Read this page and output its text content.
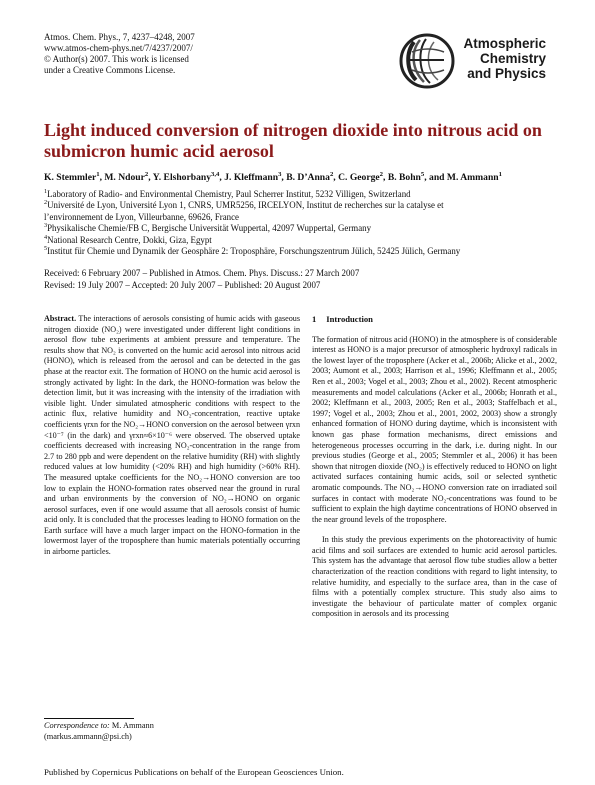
Atmos. Chem. Phys., 7, 4237–4248, 2007
www.atmos-chem-phys.net/7/4237/2007/
© Author(s) 2007. This work is licensed
under a Creative Commons License.
Atmospheric
Chemistry
and Physics
Light induced conversion of nitrogen dioxide into nitrous acid on submicron humic acid aerosol
K. Stemmler$^1$, M. Ndour$^2$, Y. Elshorbany$^{3,4}$, J. Kleffmann$^3$, B. D’Anna$^2$, C. George$^2$, B. Bohn$^5$, and M. Ammann$^1$
$^1$Laboratory of Radio- and Environmental Chemistry, Paul Scherrer Institut, 5232 Villigen, Switzerland
$^2$Université de Lyon, Université Lyon 1, CNRS, UMR5256, IRCELYON, Institut de recherches sur la catalyse et
l’environnement de Lyon, Villeurbanne, 69626, France
$^3$Physikalische Chemie/FB C, Bergische Universität Wuppertal, 42097 Wuppertal, Germany
$^4$National Research Centre, Dokki, Giza, Egypt
$^5$Institut für Chemie und Dynamik der Geosphäre 2: Troposphäre, Forschungszentrum Jülich, 52425 Jülich, Germany
Received: 6 February 2007 – Published in Atmos. Chem. Phys. Discuss.: 27 March 2007
Revised: 19 July 2007 – Accepted: 20 July 2007 – Published: 20 August 2007
Abstract. The interactions of aerosols consisting of humic acids with gaseous nitrogen dioxide (NO₂) were investigated under different light conditions in aerosol flow tube experiments at ambient pressure and temperature. The results show that NO₂ is converted on the humic acid aerosol into nitrous acid (HONO), which is released from the aerosol and can be detected in the gas phase at the reactor exit. The formation of HONO on the humic acid aerosol is strongly activated by light: In the dark, the HONO-formation was below the detection limit, but it was increasing with the intensity of the irradiation with visible light. Under simulated atmospheric conditions with respect to the actinic flux, relative humidity and NO₂-concentration, reactive uptake coefficients γrxn for the NO₂→HONO conversion on the aerosol between γrxn <10⁻⁷ (in the dark) and γrxn≈6×10⁻⁶ were observed. The observed uptake coefficients decreased with increasing NO₂-concentration in the range from 2.7 to 280 ppb and were dependent on the relative humidity (RH) with slightly reduced values at low humidity (<20% RH) and high humidity (>60% RH). The measured uptake coefficients for the NO₂→HONO conversion are too low to explain the HONO-formation rates observed near the ground in rural and urban environments by the conversion of NO₂→HONO on organic aerosol surfaces, even if one would assume that all aerosols consist of humic acid only. It is concluded that the processes leading to HONO formation on the Earth surface will have a much larger impact on the HONO-formation in the lowermost layer of the troposphere than humic materials potentially occurring in airborne particles.
Correspondence to: M. Ammann
(markus.ammann@psi.ch)
1 Introduction
The formation of nitrous acid (HONO) in the atmosphere is of considerable interest as HONO is a major precursor of atmospheric hydroxyl radicals in the lowest layer of the troposphere (Acker et al., 2006b; Alicke et al., 2002, 2003; Aumont et al., 2003; Harrison et al., 1996; Kleffmann et al., 2005; Ren et al., 2003; Vogel et al., 2003; Zhou et al., 2002). Recent atmospheric measurements and model calculations (Acker et al., 2006b; Honrath et al., 2002; Kleffmann et al., 2003, 2005; Ren et al., 2003; Staffelbach et al., 1997; Vogel et al., 2003; Zhou et al., 2001, 2002, 2003) show a strongly enhanced formation of HONO during daytime, which is inconsistent with known gas phase formation mechanisms, direct emissions and heterogeneous processes occurring in the dark, i.e. during night. In our previous studies (George et al., 2005; Stemmler et al., 2006) it has been shown that nitrogen dioxide (NO₂) is effectively reduced to HONO on light activated surfaces containing humic acids, soil or selected synthetic aromatic compounds. The NO₂→HONO conversion rate on irradiated soil surfaces in contact with moderate NO₂-concentrations was found to be sufficient to explain the high daytime concentrations of HONO observed in the near ground levels of the troposphere.
In this study the previous experiments on the photoreactivity of humic acid films and soil surfaces are extended to humic acid aerosol particles. This system has the advantage that aerosol flow tube studies allow a better characterization of the reaction conditions with regard to light intensity, to relative humidity, and especially to the surface area, than in the case of films with a potentially complex structure. This study also aims to investigate the behaviour of particulate matter of complex organic composition in aerosols and its processing
Published by Copernicus Publications on behalf of the European Geosciences Union.
